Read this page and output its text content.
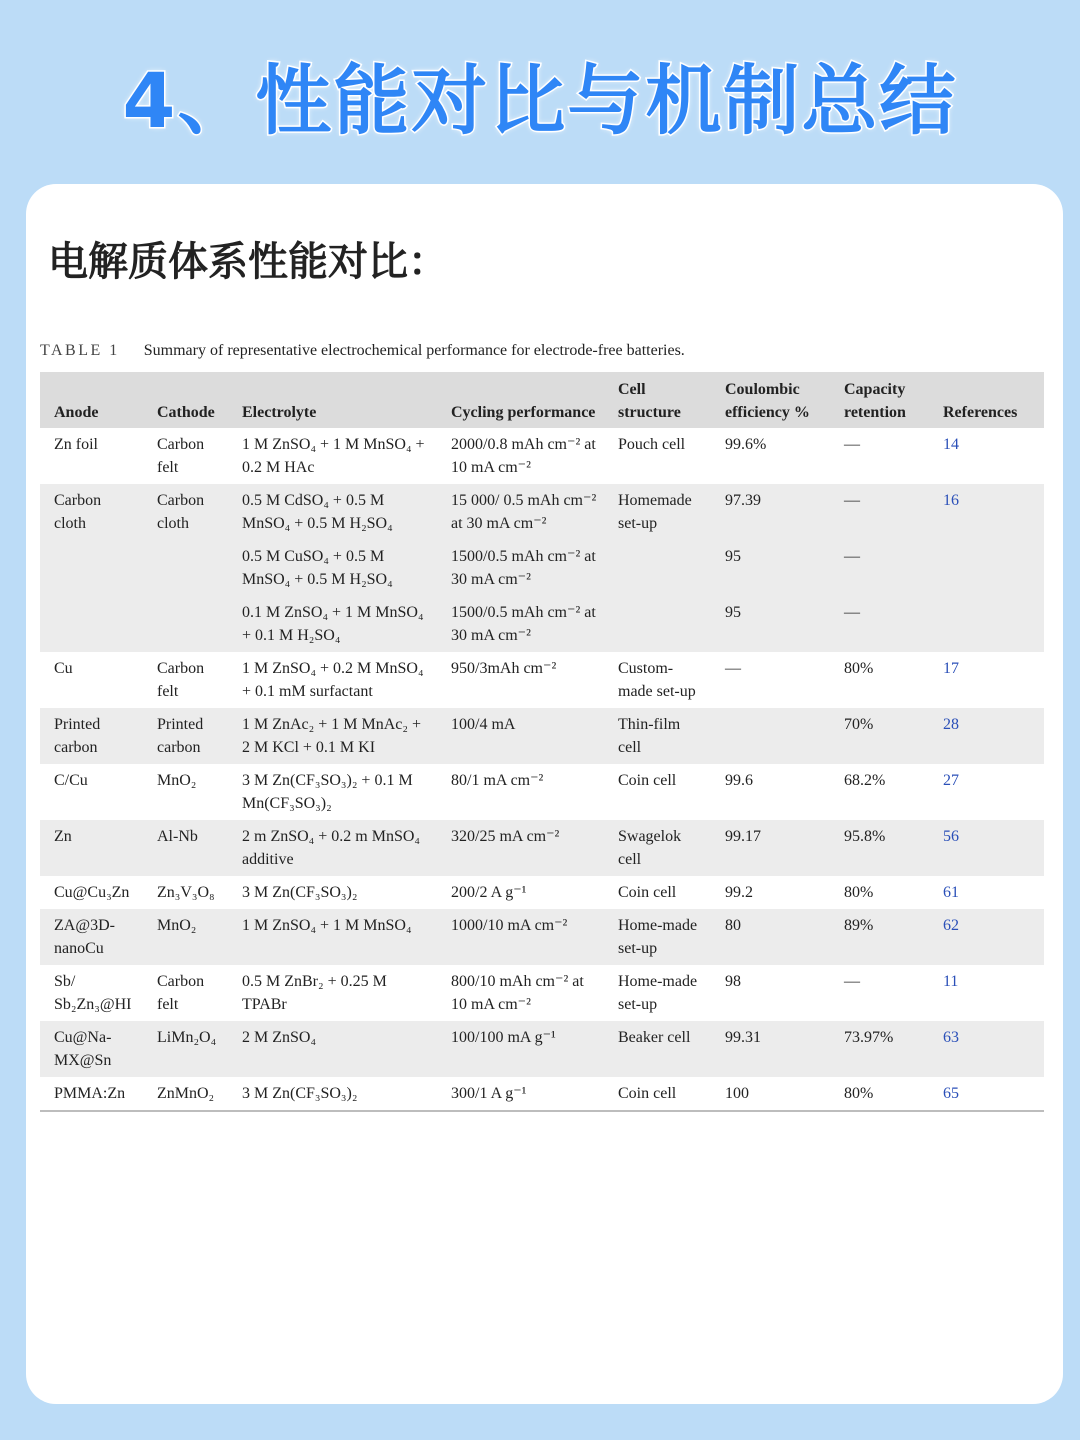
4、性能对比与机制总结
电解质体系性能对比：
TABLE 1 Summary of representative electrochemical performance for electrode-free batteries.
Anode	Cathode	Electrolyte	Cycling performance	Cell structure	Coulombic efficiency %	Capacity retention	References
Zn foil	Carbon felt	1 M ZnSO₄ + 1 M MnSO₄ + 0.2 M HAc	2000/0.8 mAh cm⁻² at 10 mA cm⁻²	Pouch cell	99.6%	—	14
Carbon cloth	Carbon cloth	0.5 M CdSO₄ + 0.5 M MnSO₄ + 0.5 M H₂SO₄	15 000/ 0.5 mAh cm⁻² at 30 mA cm⁻²	Homemade set-up	97.39	—	16
		0.5 M CuSO₄ + 0.5 M MnSO₄ + 0.5 M H₂SO₄	1500/0.5 mAh cm⁻² at 30 mA cm⁻²		95	—	
		0.1 M ZnSO₄ + 1 M MnSO₄ + 0.1 M H₂SO₄	1500/0.5 mAh cm⁻² at 30 mA cm⁻²		95	—	
Cu	Carbon felt	1 M ZnSO₄ + 0.2 M MnSO₄ + 0.1 mM surfactant	950/3mAh cm⁻²	Custom-made set-up	—	80%	17
Printed carbon	Printed carbon	1 M ZnAc₂ + 1 M MnAc₂ + 2 M KCl + 0.1 M KI	100/4 mA	Thin-film cell		70%	28
C/Cu	MnO₂	3 M Zn(CF₃SO₃)₂ + 0.1 M Mn(CF₃SO₃)₂	80/1 mA cm⁻²	Coin cell	99.6	68.2%	27
Zn	Al-Nb	2 m ZnSO₄ + 0.2 m MnSO₄ additive	320/25 mA cm⁻²	Swagelok cell	99.17	95.8%	56
Cu@Cu₃Zn	Zn₃V₃O₈	3 M Zn(CF₃SO₃)₂	200/2 A g⁻¹	Coin cell	99.2	80%	61
ZA@3D-nanoCu	MnO₂	1 M ZnSO₄ + 1 M MnSO₄	1000/10 mA cm⁻²	Home-made set-up	80	89%	62
Sb/ Sb₂Zn₃@HI	Carbon felt	0.5 M ZnBr₂ + 0.25 M TPABr	800/10 mAh cm⁻² at 10 mA cm⁻²	Home-made set-up	98	—	11
Cu@Na-MX@Sn	LiMn₂O₄	2 M ZnSO₄	100/100 mA g⁻¹	Beaker cell	99.31	73.97%	63
PMMA:Zn	ZnMnO₂	3 M Zn(CF₃SO₃)₂	300/1 A g⁻¹	Coin cell	100	80%	65
